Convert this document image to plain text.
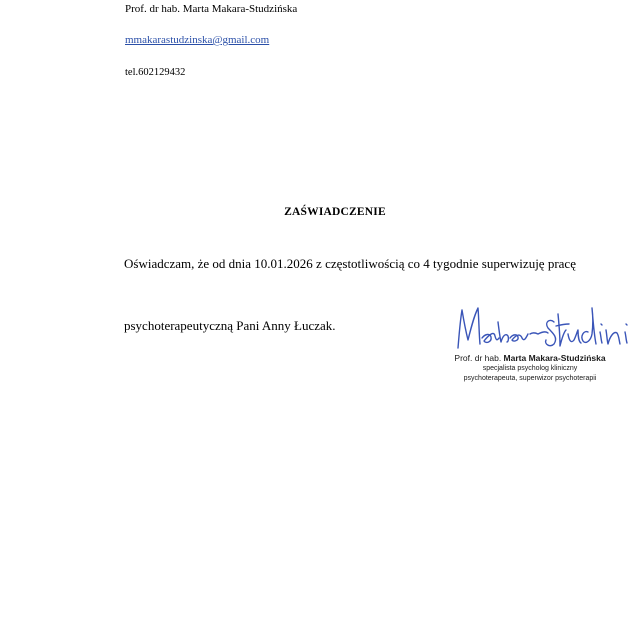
Prof. dr hab. Marta Makara-Studzińska
mmakarastudzinska@gmail.com
tel.602129432
ZAŚWIADCZENIE
Oświadczam, że od dnia 10.01.2026 z częstotliwością co 4 tygodnie superwizuję pracę
psychoterapeutyczną Pani Anny Łuczak.
Prof. dr hab. Marta Makara-Studzińska
specjalista psycholog kliniczny
psychoterapeuta, superwizor psychoterapii
